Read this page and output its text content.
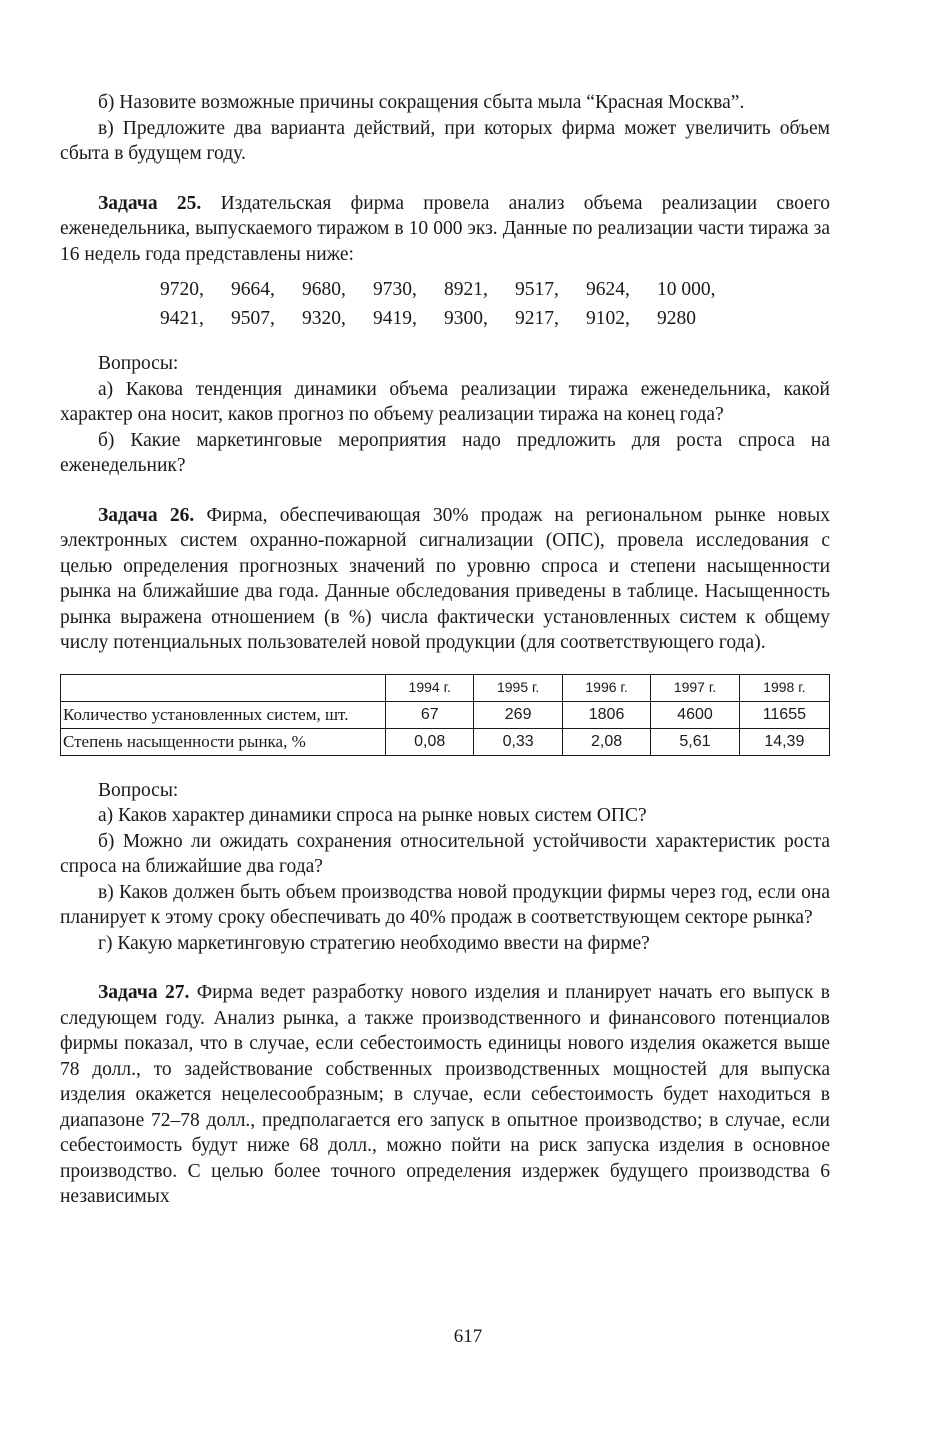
б) Назовите возможные причины сокращения сбыта мыла “Красная Москва”.

в) Предложите два варианта действий, при которых фирма может увеличить объем сбыта в будущем году.

Задача 25. Издательская фирма провела анализ объема реализации своего еженедельника, выпускаемого тиражом в 10 000 экз. Данные по реализации части тиража за 16 недель года представлены ниже:

9720, 9664, 9680, 9730, 8921, 9517, 9624, 10 000,
9421, 9507, 9320, 9419, 9300, 9217, 9102, 9280

Вопросы:

а) Какова тенденция динамики объема реализации тиража еженедельника, какой характер она носит, каков прогноз по объему реализации тиража на конец года?

б) Какие маркетинговые мероприятия надо предложить для роста спроса на еженедельник?

Задача 26. Фирма, обеспечивающая 30% продаж на региональном рынке новых электронных систем охранно-пожарной сигнализации (ОПС), провела исследования с целью определения прогнозных значений по уровню спроса и степени насыщенности рынка на ближайшие два года. Данные обследования приведены в таблице. Насыщенность рынка выражена отношением (в %) числа фактически установленных систем к общему числу потенциальных пользователей новой продукции (для соответствующего года).

	1994 г.	1995 г.	1996 г.	1997 г.	1998 г.
Количество установленных систем, шт.	67	269	1806	4600	11655
Степень насыщенности рынка, %	0,08	0,33	2,08	5,61	14,39

Вопросы:

а) Каков характер динамики спроса на рынке новых систем ОПС?

б) Можно ли ожидать сохранения относительной устойчивости характеристик роста спроса на ближайшие два года?

в) Каков должен быть объем производства новой продукции фирмы через год, если она планирует к этому сроку обеспечивать до 40% продаж в соответствующем секторе рынка?

г) Какую маркетинговую стратегию необходимо ввести на фирме?

Задача 27. Фирма ведет разработку нового изделия и планирует начать его выпуск в следующем году. Анализ рынка, а также производственного и финансового потенциалов фирмы показал, что в случае, если себестоимость единицы нового изделия окажется выше 78 долл., то задействование собственных производственных мощностей для выпуска изделия окажется нецелесообразным; в случае, если себестоимость будет находиться в диапазоне 72–78 долл., предполагается его запуск в опытное производство; в случае, если себестоимость будут ниже 68 долл., можно пойти на риск запуска изделия в основное производство. С целью более точного определения издержек будущего производства 6 независимых

617
